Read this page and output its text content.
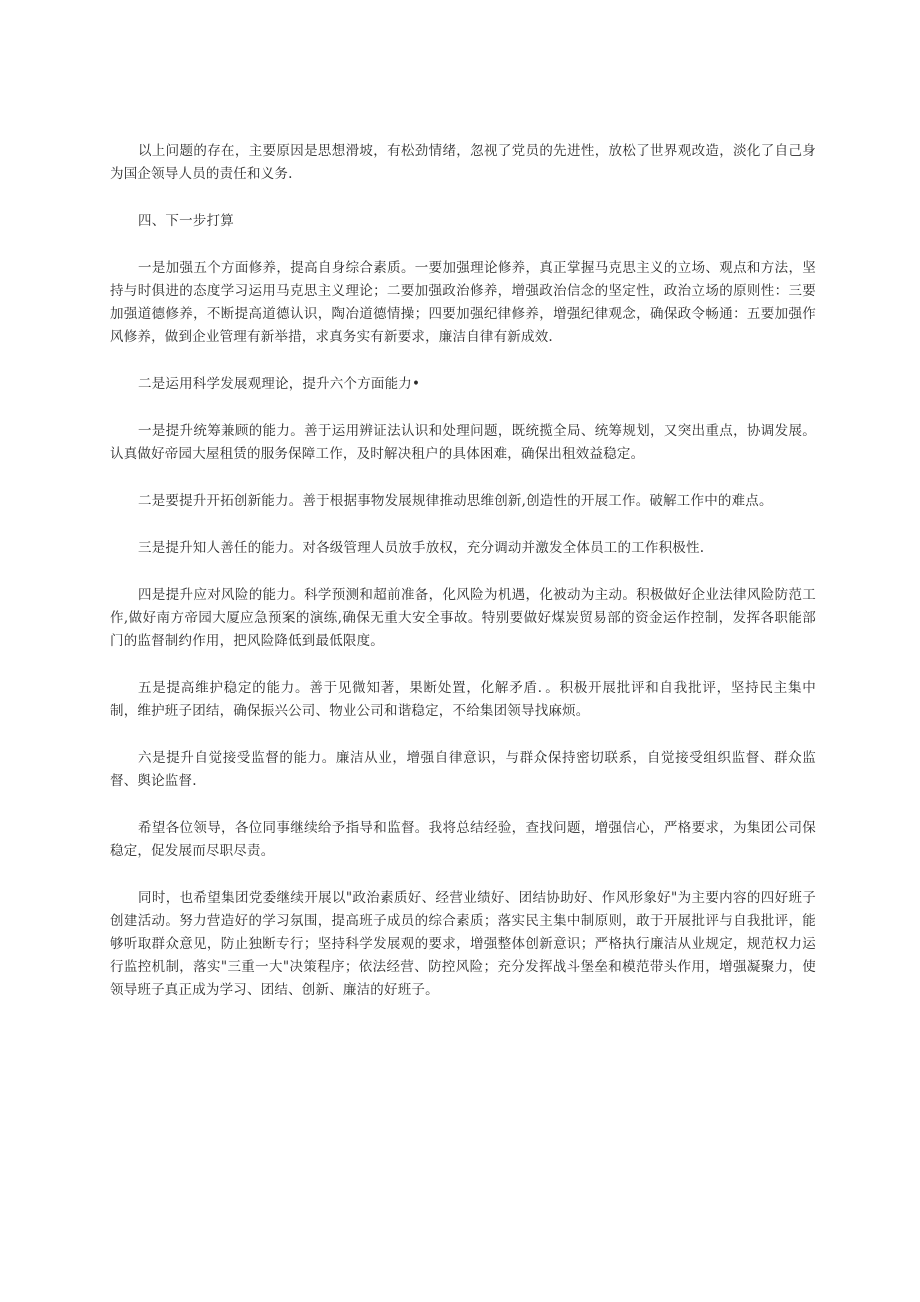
以上问题的存在，主要原因是思想滑坡，有松劲情绪，忽视了党员的先进性，放松了世界观改造，淡化了自己身为国企领导人员的责任和义务.

四、下一步打算

一是加强五个方面修养，提高自身综合素质。一要加强理论修养，真正掌握马克思主义的立场、观点和方法，坚持与时俱进的态度学习运用马克思主义理论；二要加强政治修养，增强政治信念的坚定性，政治立场的原则性：三要加强道德修养，不断提高道德认识，陶冶道德情操；四要加强纪律修养，增强纪律观念，确保政令畅通：五要加强作风修养，做到企业管理有新举措，求真务实有新要求，廉洁自律有新成效.

二是运用科学发展观理论，提升六个方面能力•

一是提升统筹兼顾的能力。善于运用辨证法认识和处理问题，既统揽全局、统筹规划，又突出重点，协调发展。认真做好帝园大屋租赁的服务保障工作，及时解决租户的具体困难，确保出租效益稳定。

二是要提升开拓创新能力。善于根据事物发展规律推动思维创新,创造性的开展工作。破解工作中的难点。

三是提升知人善任的能力。对各级管理人员放手放权，充分调动并激发全体员工的工作积极性.

四是提升应对风险的能力。科学预测和超前准备，化风险为机遇，化被动为主动。积极做好企业法律风险防范工作,做好南方帝园大厦应急预案的演练,确保无重大安全事故。特别要做好煤炭贸易部的资金运作控制，发挥各职能部门的监督制约作用，把风险降低到最低限度。

五是提高维护稳定的能力。善于见微知著，果断处置，化解矛盾．。积极开展批评和自我批评，坚持民主集中制，维护班子团结，确保振兴公司、物业公司和谐稳定，不给集团领导找麻烦。

六是提升自觉接受监督的能力。廉洁从业，增强自律意识，与群众保持密切联系，自觉接受组织监督、群众监督、舆论监督.

希望各位领导，各位同事继续给予指导和监督。我将总结经验，查找问题，增强信心，严格要求，为集团公司保稳定，促发展而尽职尽责。

同时，也希望集团党委继续开展以"政治素质好、经营业绩好、团结协助好、作风形象好"为主要内容的四好班子创建活动。努力营造好的学习氛围，提高班子成员的综合素质；落实民主集中制原则，敢于开展批评与自我批评，能够听取群众意见，防止独断专行；坚持科学发展观的要求，增强整体创新意识；严格执行廉洁从业规定，规范权力运行监控机制，落实"三重一大"决策程序；依法经营、防控风险；充分发挥战斗堡垒和模范带头作用，增强凝聚力，使领导班子真正成为学习、团结、创新、廉洁的好班子。
